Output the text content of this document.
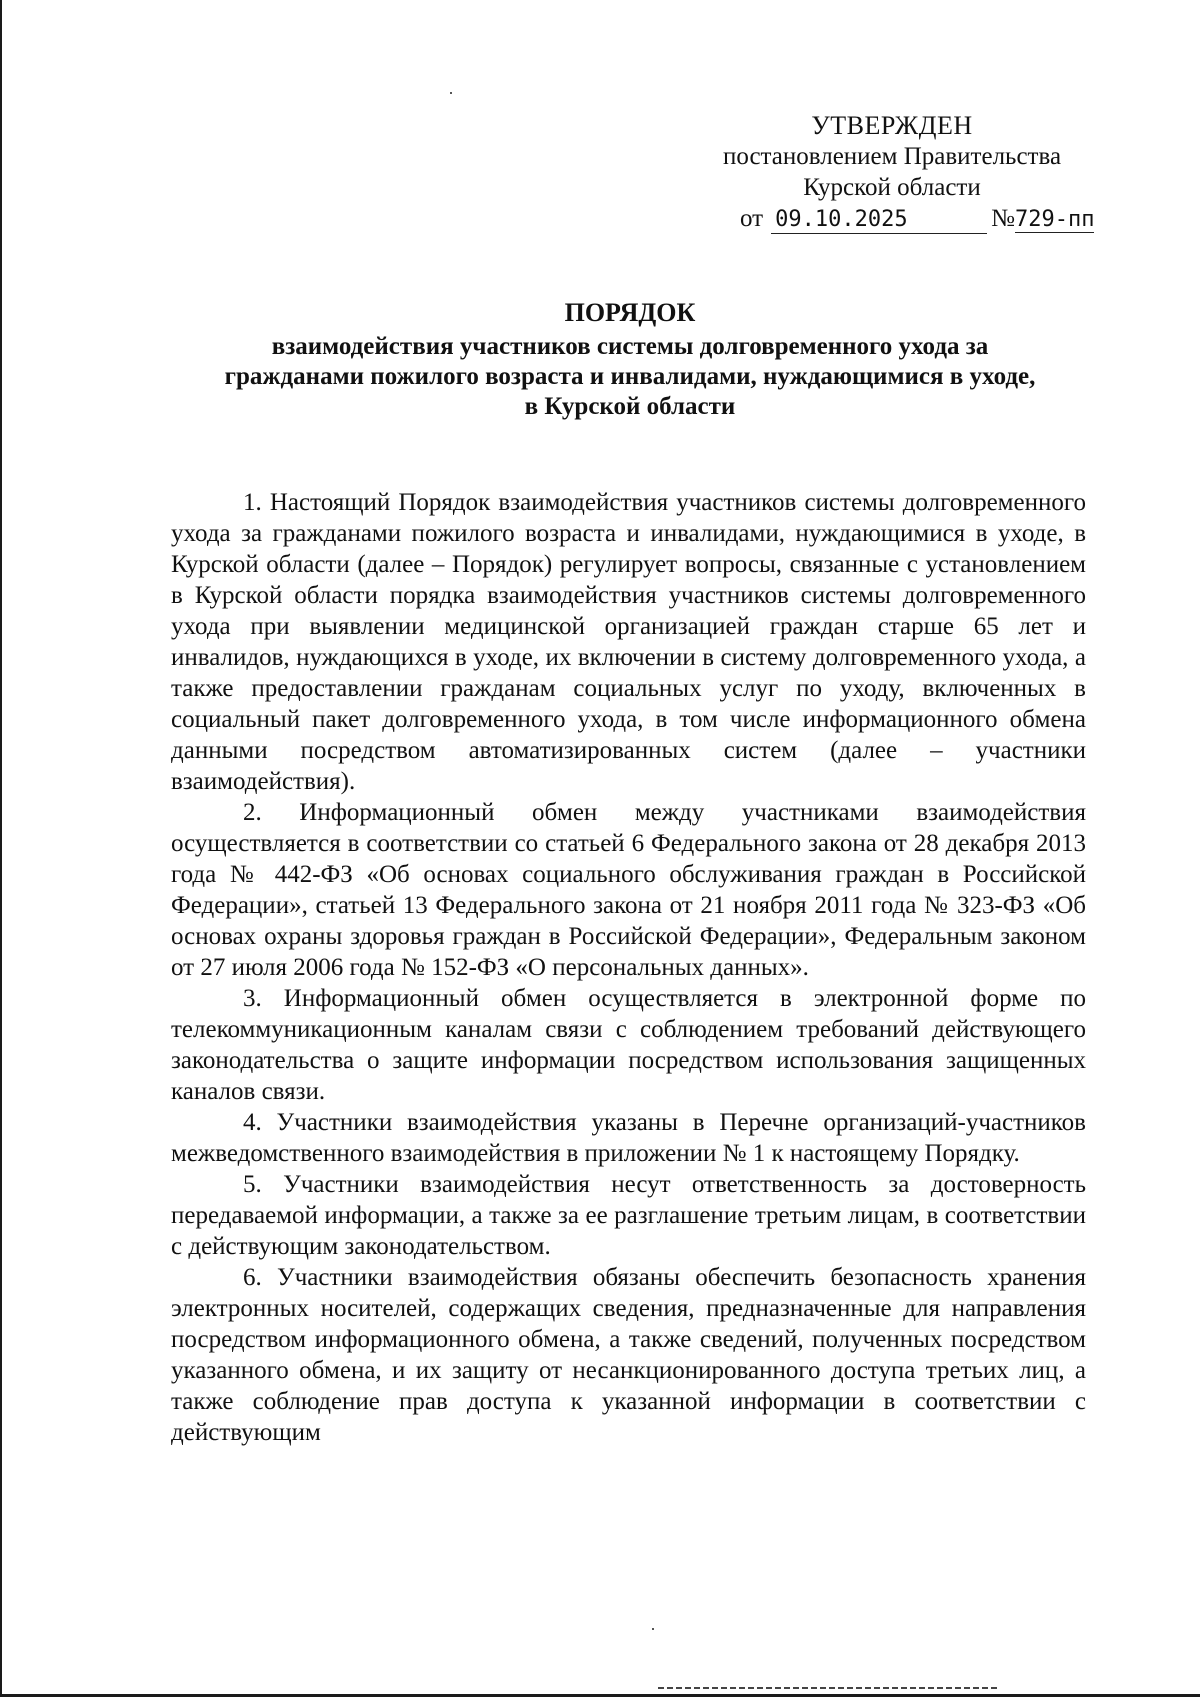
УТВЕРЖДЕН
постановлением Правительства
Курской области
от 09.10.2025	№729-пп
ПОРЯДОК
взаимодействия участников системы долговременного ухода за
гражданами пожилого возраста и инвалидами, нуждающимися в уходе,
в Курской области

1. Настоящий Порядок взаимодействия участников системы долговременного ухода за гражданами пожилого возраста и инвалидами, нуждающимися в уходе, в Курской области (далее – Порядок) регулирует вопросы, связанные с установлением в Курской области порядка взаимодействия участников системы долговременного ухода при выявлении медицинской организацией граждан старше 65 лет и инвалидов, нуждающихся в уходе, их включении в систему долговременного ухода, а также предоставлении гражданам социальных услуг по уходу, включенных в социальный пакет долговременного ухода, в том числе информационного обмена данными посредством автоматизированных систем (далее – участники взаимодействия).

2. Информационный обмен между участниками взаимодействия осуществляется в соответствии со статьей 6 Федерального закона от 28 декабря 2013 года № 442-ФЗ «Об основах социального обслуживания граждан в Российской Федерации», статьей 13 Федерального закона от 21 ноября 2011 года № 323-ФЗ «Об основах охраны здоровья граждан в Российской Федерации», Федеральным законом от 27 июля 2006 года № 152-ФЗ «О персональных данных».

3. Информационный обмен осуществляется в электронной форме по телекоммуникационным каналам связи с соблюдением требований действующего законодательства о защите информации посредством использования защищенных каналов связи.

4. Участники взаимодействия указаны в Перечне организаций-участников межведомственного взаимодействия в приложении № 1 к настоящему Порядку.

5. Участники взаимодействия несут ответственность за достоверность передаваемой информации, а также за ее разглашение третьим лицам, в соответствии с действующим законодательством.

6. Участники взаимодействия обязаны обеспечить безопасность хранения электронных носителей, содержащих сведения, предназначенные для направления посредством информационного обмена, а также сведений, полученных посредством указанного обмена, и их защиту от несанкционированного доступа третьих лиц, а также соблюдение прав доступа к указанной информации в соответствии с действующим
